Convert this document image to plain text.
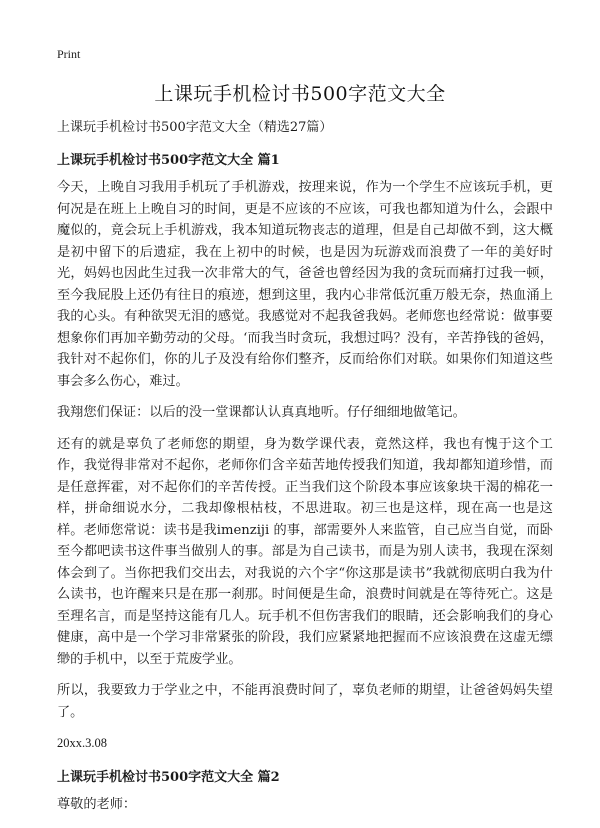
Print
上课玩手机检讨书500字范文大全

上课玩手机检讨书500字范文大全（精选27篇）

上课玩手机检讨书500字范文大全 篇1

今天，上晚自习我用手机玩了手机游戏，按理来说，作为一个学生不应该玩手机，更何况是在班上上晚自习的时间，更是不应该的不应该，可我也都知道为什么，会跟中魔似的，竟会玩上手机游戏，我本知道玩物丧志的道理，但是自己却做不到，这大概是初中留下的后遗症，我在上初中的时候，也是因为玩游戏而浪费了一年的美好时光，妈妈也因此生过我一次非常大的气，爸爸也曾经因为我的贪玩而痛打过我一顿，至今我屁股上还仍有往日的痕迹，想到这里，我内心非常低沉重万般无奈，热血涌上我的心头。有种欲哭无泪的感觉。我感觉对不起我爸我妈。老师您也经常说：做事要想象你们再加辛勤劳动的父母。‘而我当时贪玩，我想过吗？没有，辛苦挣钱的爸妈，我针对不起你们，你的儿子及没有给你们整齐，反而给你们对联。如果你们知道这些事会多么伤心，难过。

我翔您们保证：以后的没一堂课都认认真真地听。仔仔细细地做笔记。

还有的就是辜负了老师您的期望，身为数学课代表，竟然这样，我也有愧于这个工作，我觉得非常对不起你，老师你们含辛茹苦地传授我们知道，我却都知道珍惜，而是任意挥霍，对不起你们的辛苦传授。正当我们这个阶段本事应该象块干渴的棉花一样，拼命细说水分，二我却像根枯枝，不思进取。初三也是这样，现在高一也是这样。老师您常说：读书是我imenziji 的事，部需要外人来监管，自己应当自觉，而卧至今都吧读书这件事当做别人的事。部是为自己读书，而是为别人读书，我现在深刻体会到了。当你把我们交出去，对我说的六个字“你这那是读书”我就彻底明白我为什么读书，也许醒来只是在那一刹那。时间便是生命，浪费时间就是在等待死亡。这是至理名言，而是坚持这能有几人。玩手机不但伤害我们的眼睛，还会影响我们的身心健康，高中是一个学习非常紧张的阶段，我们应紧紧地把握而不应该浪费在这虚无缥缈的手机中，以至于荒废学业。

所以，我要致力于学业之中，不能再浪费时间了，辜负老师的期望，让爸爸妈妈失望了。

20xx.3.08

上课玩手机检讨书500字范文大全 篇2

尊敬的老师：
